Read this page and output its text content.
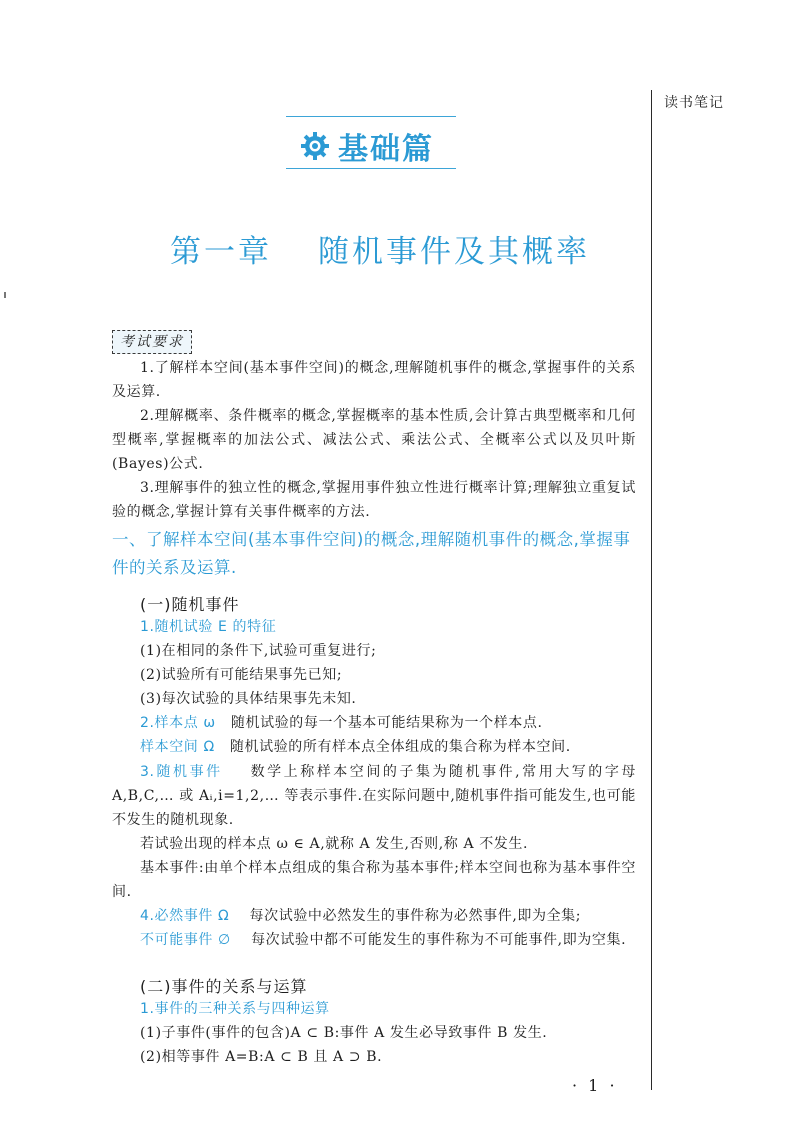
读书笔记
基础篇
第一章 随机事件及其概率
考试要求
1.了解样本空间(基本事件空间)的概念,理解随机事件的概念,掌握事件的关系及运算.
2.理解概率、条件概率的概念,掌握概率的基本性质,会计算古典型概率和几何型概率,掌握概率的加法公式、减法公式、乘法公式、全概率公式以及贝叶斯(Bayes)公式.
3.理解事件的独立性的概念,掌握用事件独立性进行概率计算;理解独立重复试验的概念,掌握计算有关事件概率的方法.
一、了解样本空间(基本事件空间)的概念,理解随机事件的概念,掌握事件的关系及运算.
(一)随机事件
1.随机试验 E 的特征
(1)在相同的条件下,试验可重复进行;
(2)试验所有可能结果事先已知;
(3)每次试验的具体结果事先未知.
2.样本点 ω 随机试验的每一个基本可能结果称为一个样本点.
样本空间 Ω 随机试验的所有样本点全体组成的集合称为样本空间.
3.随机事件 数学上称样本空间的子集为随机事件,常用大写的字母 A,B,C,… 或 Aᵢ,i=1,2,… 等表示事件.在实际问题中,随机事件指可能发生,也可能不发生的随机现象.
若试验出现的样本点 ω ∈ A,就称 A 发生,否则,称 A 不发生.
基本事件:由单个样本点组成的集合称为基本事件;样本空间也称为基本事件空间.
4.必然事件 Ω 每次试验中必然发生的事件称为必然事件,即为全集;
不可能事件 ∅ 每次试验中都不可能发生的事件称为不可能事件,即为空集.
(二)事件的关系与运算
1.事件的三种关系与四种运算
(1)子事件(事件的包含)A ⊂ B:事件 A 发生必导致事件 B 发生.
(2)相等事件 A=B:A ⊂ B 且 A ⊃ B.
· 1 ·
